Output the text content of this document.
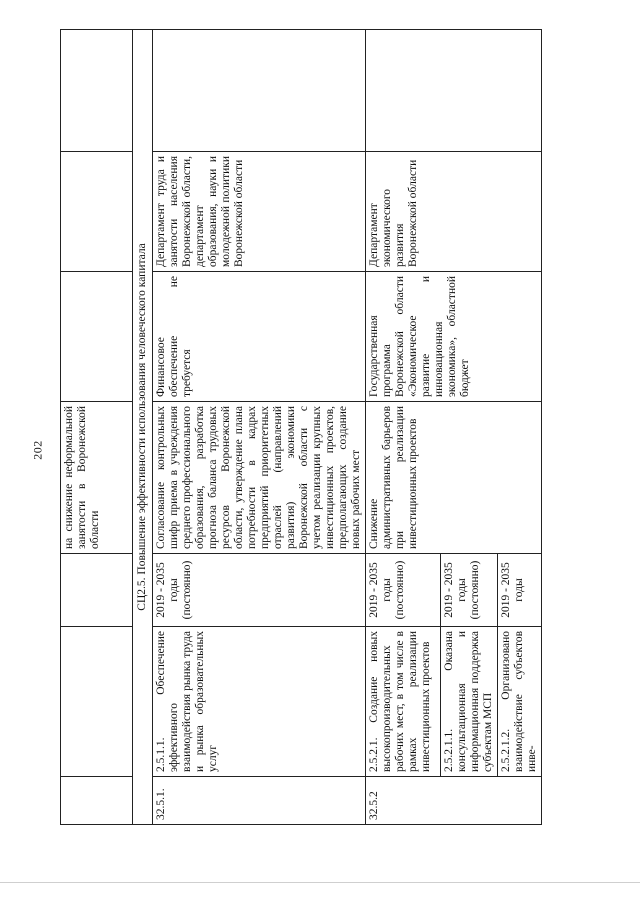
202
			на снижение неформальной занятости в Воронежской области			
СЦ2.5. Повышение эффективности использования человеческого капитала						
32.5.1.	2.5.1.1. Обеспечение эффективного взаимодействия рынка труда и рынка образовательных услуг	2019 - 2035 годы (постоянно)	Согласование контрольных шифр приема в учреждения среднего профессионального образования, разработка прогноза баланса трудовых ресурсов Воронежской области, утверждение плана потребности в кадрах предприятий приоритетных отраслей (направлений развития) экономики Воронежской области с учетом реализации крупных инвестиционных проектов, предполагающих создание новых рабочих мест	Финансовое обеспечение не требуется	Департамент труда и занятости населения Воронежской области, департамент образования, науки и молодежной политики Воронежской области	
32.5.2	2.5.2.1. Создание новых высокопроизводительных рабочих мест, в том числе в рамках реализации инвестиционных проектов	2019 - 2035 годы (постоянно)	Снижение административных барьеров при реализации инвестиционных проектов	Государственная программа Воронежской области «Экономическое развитие и инновационная экономика», областной бюджет	Департамент экономического развития Воронежской области	
	2.5.2.1.1. Оказана консультационная и информационная поддержка субъектам МСП	2019 - 2035 годы (постоянно)				
	2.5.2.1.2. Организовано взаимодействие субъектов инве-	2019 - 2035 годы				
